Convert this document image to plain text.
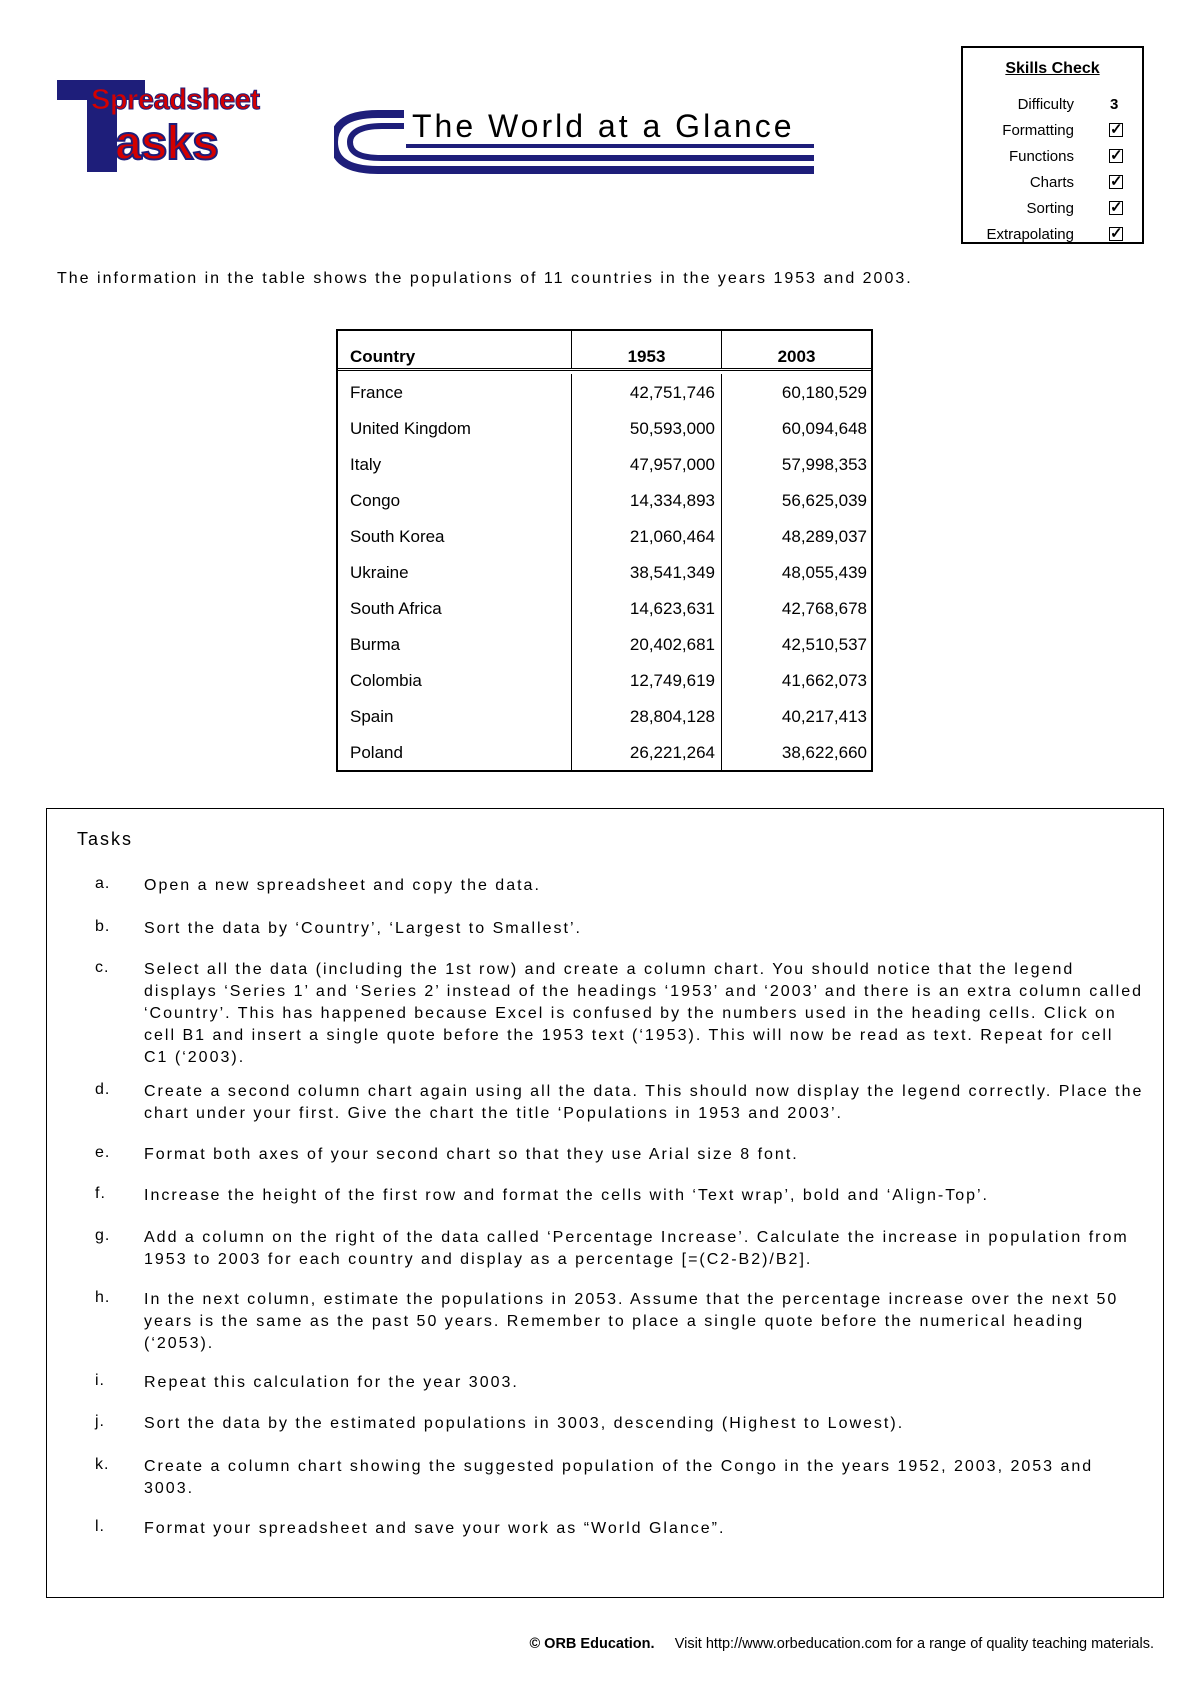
Spreadsheet
asks	The World at a Glance
Skills Check
Difficulty 3
Formatting ✓
Functions ✓
Charts ✓
Sorting ✓
Extrapolating ✓
The information in the table shows the populations of 11 countries in the years 1953 and 2003.
Country	1953	2003
France	42,751,746	60,180,529
United Kingdom	50,593,000	60,094,648
Italy	47,957,000	57,998,353
Congo	14,334,893	56,625,039
South Korea	21,060,464	48,289,037
Ukraine	38,541,349	48,055,439
South Africa	14,623,631	42,768,678
Burma	20,402,681	42,510,537
Colombia	12,749,619	41,662,073
Spain	28,804,128	40,217,413
Poland	26,221,264	38,622,660
Tasks
a. Open a new spreadsheet and copy the data.
b. Sort the data by ‘Country’, ‘Largest to Smallest’.
c. Select all the data (including the 1st row) and create a column chart. You should notice that the legend displays ‘Series 1’ and ‘Series 2’ instead of the headings ‘1953’ and ‘2003’ and there is an extra column called ‘Country’. This has happened because Excel is confused by the numbers used in the heading cells. Click on cell B1 and insert a single quote before the 1953 text (‘1953). This will now be read as text. Repeat for cell C1 (‘2003).
d. Create a second column chart again using all the data. This should now display the legend correctly. Place the chart under your first. Give the chart the title ‘Populations in 1953 and 2003’.
e. Format both axes of your second chart so that they use Arial size 8 font.
f. Increase the height of the first row and format the cells with ‘Text wrap’, bold and ‘Align-Top’.
g. Add a column on the right of the data called ‘Percentage Increase’. Calculate the increase in population from 1953 to 2003 for each country and display as a percentage [=(C2-B2)/B2].
h. In the next column, estimate the populations in 2053. Assume that the percentage increase over the next 50 years is the same as the past 50 years. Remember to place a single quote before the numerical heading (‘2053).
i. Repeat this calculation for the year 3003.
j. Sort the data by the estimated populations in 3003, descending (Highest to Lowest).
k. Create a column chart showing the suggested population of the Congo in the years 1952, 2003, 2053 and 3003.
l. Format your spreadsheet and save your work as “World Glance”.
© ORB Education. Visit http://www.orbeducation.com for a range of quality teaching materials.
